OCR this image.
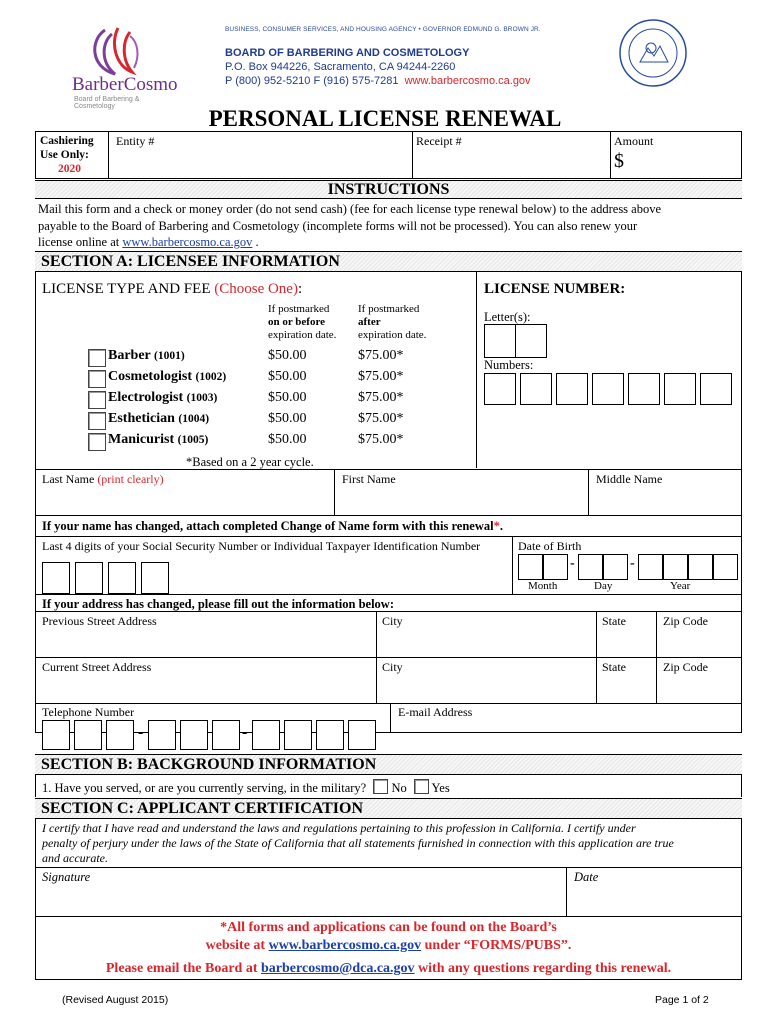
BarberCosmo
Board of Barbering & Cosmetology
BUSINESS, CONSUMER SERVICES, AND HOUSING AGENCY • GOVERNOR EDMUND G. BROWN JR.
BOARD OF BARBERING AND COSMETOLOGY
P.O. Box 944226, Sacramento, CA 94244-2260
P (800) 952-5210 F (916) 575-7281 www.barbercosmo.ca.gov
PERSONAL LICENSE RENEWAL
Cashiering
Use Only:
2020
Entity #	Receipt #	Amount
$
INSTRUCTIONS
Mail this form and a check or money order (do not send cash) (fee for each license type renewal below) to the address above
payable to the Board of Barbering and Cosmetology (incomplete forms will not be processed). You can also renew your
license online at www.barbercosmo.ca.gov .
SECTION A: LICENSEE INFORMATION
LICENSE TYPE AND FEE (Choose One):
If postmarked
on or before
expiration date.
If postmarked
after
expiration date.
Barber (1001)	$50.00	$75.00*
Cosmetologist (1002)	$50.00	$75.00*
Electrologist (1003)	$50.00	$75.00*
Esthetician (1004)	$50.00	$75.00*
Manicurist (1005)	$50.00	$75.00*
*Based on a 2 year cycle.
LICENSE NUMBER:
Letter(s):
Numbers:
Last Name (print clearly)	First Name	Middle Name
If your name has changed, attach completed Change of Name form with this renewal*.
Last 4 digits of your Social Security Number or Individual Taxpayer Identification Number	Date of Birth
-	-
Month	Day	Year
If your address has changed, please fill out the information below:
Previous Street Address	City	State	Zip Code
Current Street Address	City	State	Zip Code
Telephone Number	E-mail Address
-	-
SECTION B: BACKGROUND INFORMATION
1. Have you served, or are you currently serving, in the military? No Yes
SECTION C: APPLICANT CERTIFICATION
I certify that I have read and understand the laws and regulations pertaining to this profession in California. I certify under
penalty of perjury under the laws of the State of California that all statements furnished in connection with this application are true
and accurate.
Signature	Date
*All forms and applications can be found on the Board’s
website at www.barbercosmo.ca.gov under “FORMS/PUBS”.
Please email the Board at barbercosmo@dca.ca.gov with any questions regarding this renewal.
(Revised August 2015)	Page 1 of 2
